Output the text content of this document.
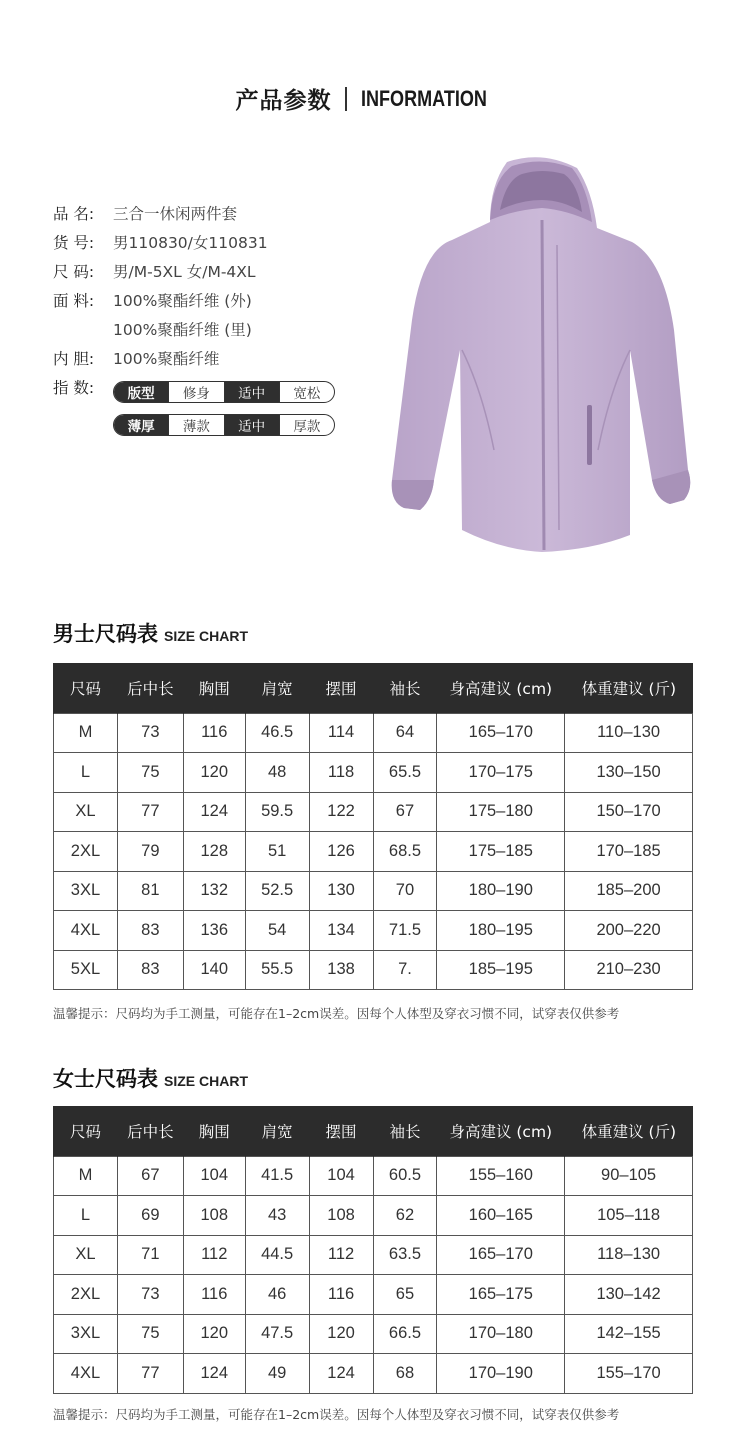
产品参数 INFORMATION
品 名:	三合一休闲两件套
货 号:	男110830/女110831
尺 码:	男/M-5XL 女/M-4XL
面 料:	100%聚酯纤维 (外)
100%聚酯纤维 (里)
内 胆:	100%聚酯纤维
指 数:	版型	修身	适中	宽松
薄厚	薄款	适中	厚款
男士尺码表 SIZE CHART
尺码	后中长	胸围	肩宽	摆围	袖长	身高建议 (cm)	体重建议 (斤)
M	73	116	46.5	114	64	165–170	110–130
L	75	120	48	118	65.5	170–175	130–150
XL	77	124	59.5	122	67	175–180	150–170
2XL	79	128	51	126	68.5	175–185	170–185
3XL	81	132	52.5	130	70	180–190	185–200
4XL	83	136	54	134	71.5	180–195	200–220
5XL	83	140	55.5	138	7.	185–195	210–230
温馨提示：尺码均为手工测量，可能存在1–2cm误差。因每个人体型及穿衣习惯不同，试穿表仅供参考
女士尺码表 SIZE CHART
尺码	后中长	胸围	肩宽	摆围	袖长	身高建议 (cm)	体重建议 (斤)
M	67	104	41.5	104	60.5	155–160	90–105
L	69	108	43	108	62	160–165	105–118
XL	71	112	44.5	112	63.5	165–170	118–130
2XL	73	116	46	116	65	165–175	130–142
3XL	75	120	47.5	120	66.5	170–180	142–155
4XL	77	124	49	124	68	170–190	155–170
温馨提示：尺码均为手工测量，可能存在1–2cm误差。因每个人体型及穿衣习惯不同，试穿表仅供参考
